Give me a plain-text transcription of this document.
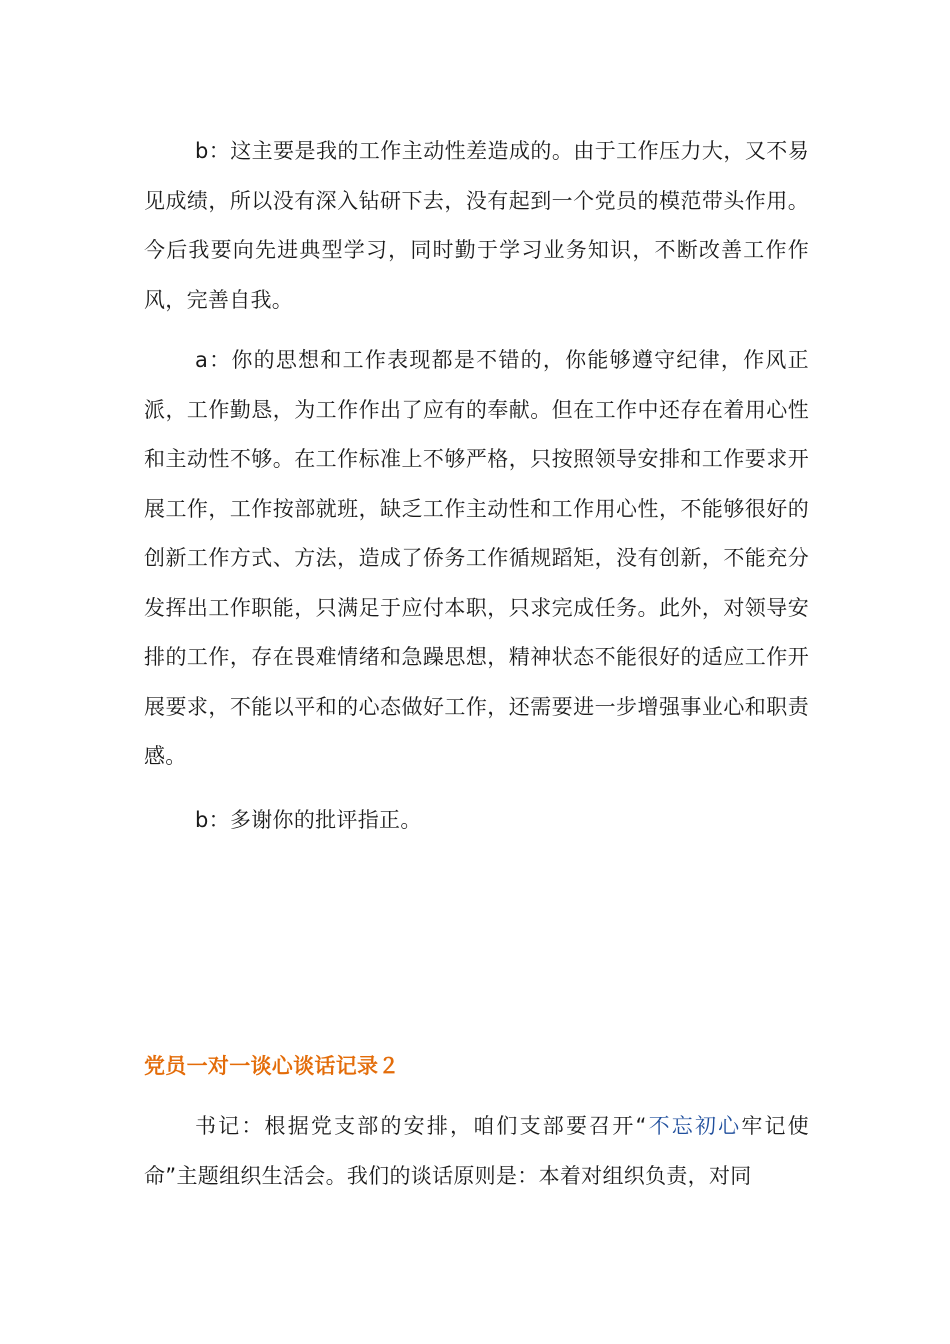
b：这主要是我的工作主动性差造成的。由于工作压力大，又不易见成绩，所以没有深入钻研下去，没有起到一个党员的模范带头作用。今后我要向先进典型学习，同时勤于学习业务知识，不断改善工作作风，完善自我。

a：你的思想和工作表现都是不错的，你能够遵守纪律，作风正派，工作勤恳，为工作作出了应有的奉献。但在工作中还存在着用心性和主动性不够。在工作标准上不够严格，只按照领导安排和工作要求开展工作，工作按部就班，缺乏工作主动性和工作用心性，不能够很好的创新工作方式、方法，造成了侨务工作循规蹈矩，没有创新，不能充分发挥出工作职能，只满足于应付本职，只求完成任务。此外，对领导安排的工作，存在畏难情绪和急躁思想，精神状态不能很好的适应工作开展要求，不能以平和的心态做好工作，还需要进一步增强事业心和职责感。

b：多谢你的批评指正。

党员一对一谈心谈话记录２

书记：根据党支部的安排，咱们支部要召开“不忘初心牢记使命”主题组织生活会。我们的谈话原则是：本着对组织负责，对同
